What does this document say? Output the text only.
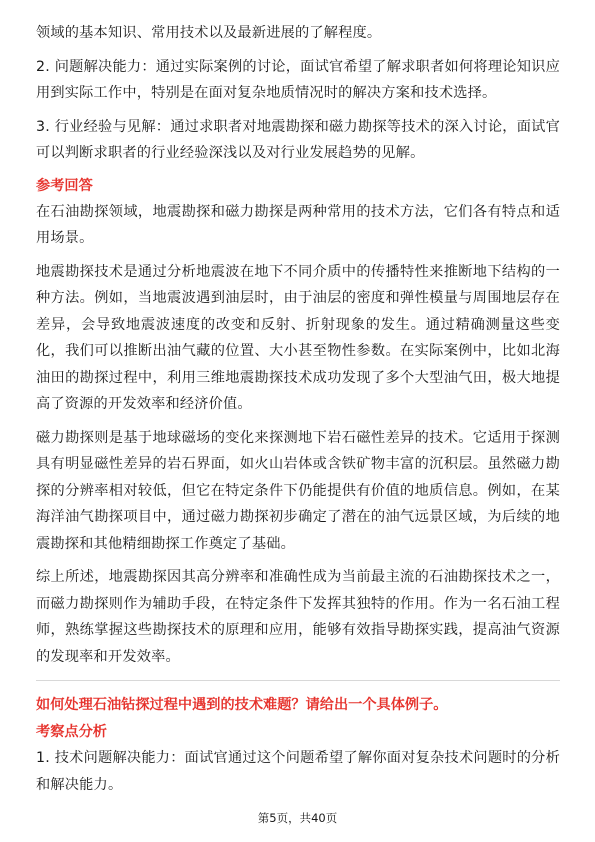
领域的基本知识、常用技术以及最新进展的了解程度。

2. 问题解决能力：通过实际案例的讨论，面试官希望了解求职者如何将理论知识应用到实际工作中，特别是在面对复杂地质情况时的解决方案和技术选择。

3. 行业经验与见解：通过求职者对地震勘探和磁力勘探等技术的深入讨论，面试官可以判断求职者的行业经验深浅以及对行业发展趋势的见解。

参考回答

在石油勘探领域，地震勘探和磁力勘探是两种常用的技术方法，它们各有特点和适用场景。

地震勘探技术是通过分析地震波在地下不同介质中的传播特性来推断地下结构的一种方法。例如，当地震波遇到油层时，由于油层的密度和弹性模量与周围地层存在差异，会导致地震波速度的改变和反射、折射现象的发生。通过精确测量这些变化，我们可以推断出油气藏的位置、大小甚至物性参数。在实际案例中，比如北海油田的勘探过程中，利用三维地震勘探技术成功发现了多个大型油气田，极大地提高了资源的开发效率和经济价值。

磁力勘探则是基于地球磁场的变化来探测地下岩石磁性差异的技术。它适用于探测具有明显磁性差异的岩石界面，如火山岩体或含铁矿物丰富的沉积层。虽然磁力勘探的分辨率相对较低，但它在特定条件下仍能提供有价值的地质信息。例如，在某海洋油气勘探项目中，通过磁力勘探初步确定了潜在的油气远景区域，为后续的地震勘探和其他精细勘探工作奠定了基础。

综上所述，地震勘探因其高分辨率和准确性成为当前最主流的石油勘探技术之一，而磁力勘探则作为辅助手段，在特定条件下发挥其独特的作用。作为一名石油工程师，熟练掌握这些勘探技术的原理和应用，能够有效指导勘探实践，提高油气资源的发现率和开发效率。

如何处理石油钻探过程中遇到的技术难题？请给出一个具体例子。
考察点分析

1. 技术问题解决能力：面试官通过这个问题希望了解你面对复杂技术问题时的分析和解决能力。

第5页，共40页
